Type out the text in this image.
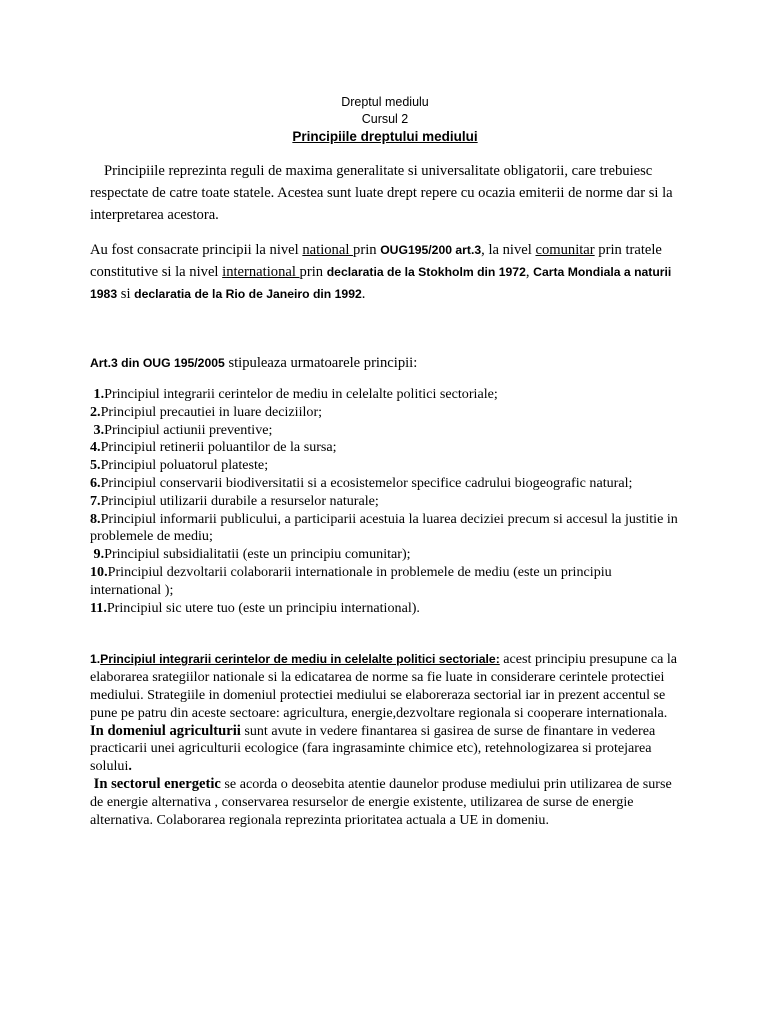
Dreptul mediulu
Cursul 2
Principiile dreptului mediului

Principiile reprezinta reguli de maxima generalitate si universalitate obligatorii, care trebuiesc respectate de catre toate statele. Acestea sunt luate drept repere cu ocazia emiterii de norme dar si la interpretarea acestora.

Au fost consacrate principii la nivel national prin OUG195/200 art.3, la nivel comunitar prin tratele constitutive si la nivel international prin declaratia de la Stokholm din 1972, Carta Mondiala a naturii 1983 si declaratia de la Rio de Janeiro din 1992.

Art.3 din OUG 195/2005 stipuleaza urmatoarele principii:

1.Principiul integrarii cerintelor de mediu in celelalte politici sectoriale;
2.Principiul precautiei in luare deciziilor;
3.Principiul actiunii preventive;
4.Principiul retinerii poluantilor de la sursa;
5.Principiul poluatorul plateste;
6.Principiul conservarii biodiversitatii si a ecosistemelor specifice cadrului biogeografic natural;
7.Principiul utilizarii durabile a resurselor naturale;
8.Principiul informarii publicului, a participarii acestuia la luarea deciziei precum si accesul la justitie in problemele de mediu;
9.Principiul subsidialitatii (este un principiu comunitar);
10.Principiul dezvoltarii colaborarii internationale in problemele de mediu (este un principiu international );
11.Principiul sic utere tuo (este un principiu international).
1.Principiul integrarii cerintelor de mediu in celelalte politici sectoriale: acest principiu presupune ca la elaborarea srategiilor nationale si la edicatarea de norme sa fie luate in considerare cerintele protectiei mediului. Strategiile in domeniul protectiei mediului se elaboreraza sectorial iar in prezent accentul se pune pe patru din aceste sectoare: agricultura, energie,dezvoltare regionala si cooperare internationala.
In domeniul agriculturii sunt avute in vedere finantarea si gasirea de surse de finantare in vederea practicarii unei agriculturii ecologice (fara ingrasaminte chimice etc), retehnologizarea si protejarea solului.
In sectorul energetic se acorda o deosebita atentie daunelor produse mediului prin utilizarea de surse de energie alternativa , conservarea resurselor de energie existente, utilizarea de surse de energie alternativa. Colaborarea regionala reprezinta prioritatea actuala a UE in domeniu.
